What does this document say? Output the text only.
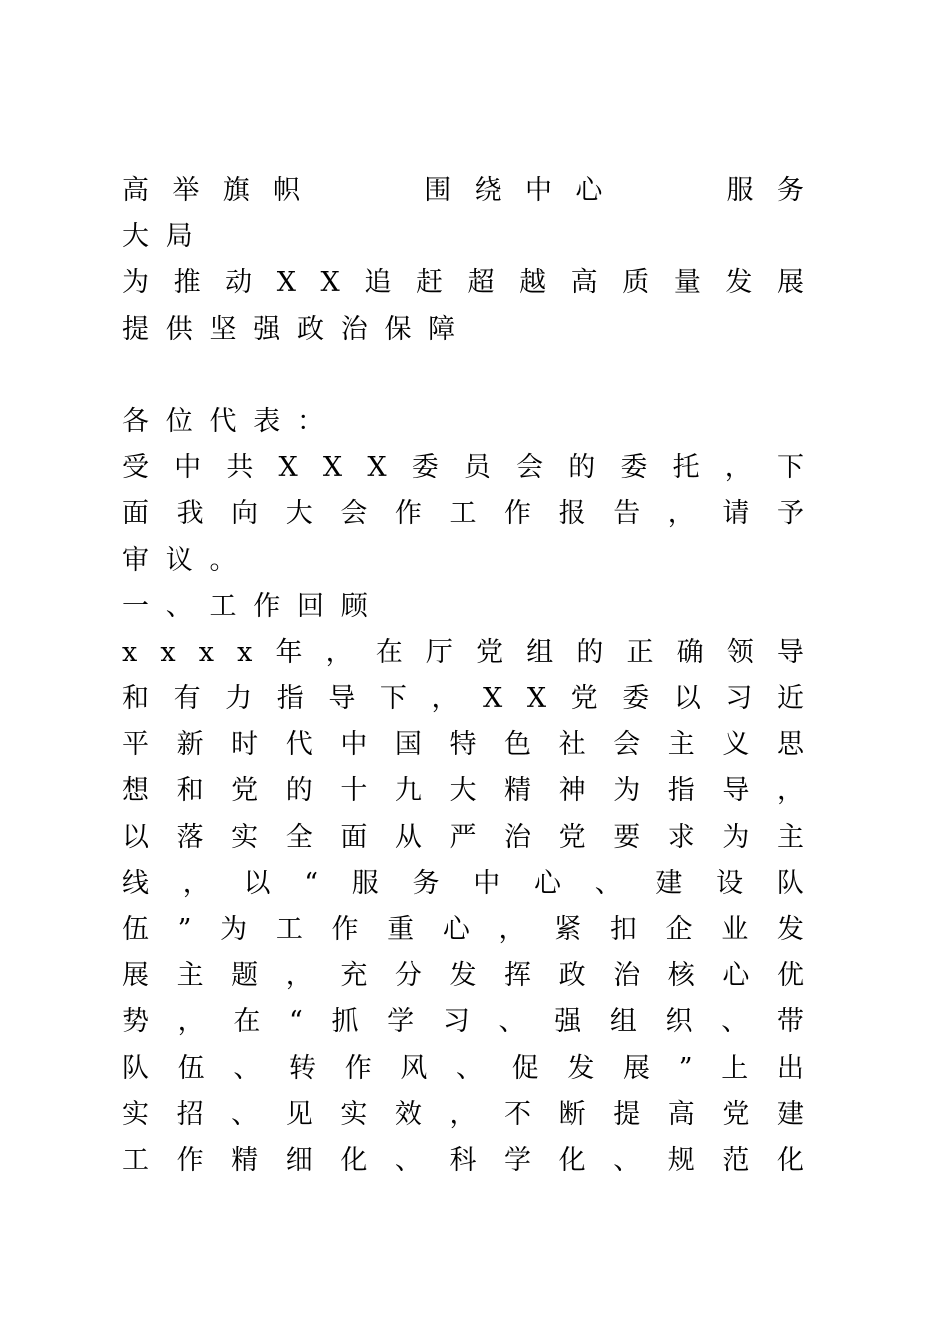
高 举 旗 帜

　	围 绕 中 心

　	服 务
大局
为 推 动 X X 追 赶 超 越 高 质 量 发 展
提供坚强政治保障
各位代表：
受 中 共 X X X 委 员 会 的 委 托 ， 下
面 我 向 大 会 作 工 作 报 告 ， 请 予
审议。
一、工作回顾
x x x x 年 ， 在 厅 党 组 的 正 确 领 导
和 有 力 指 导 下 ， X X 党 委 以 习 近
平 新 时 代 中 国 特 色 社 会 主 义 思
想 和 党 的 十 九 大 精 神 为 指 导 ，
以 落 实 全 面 从 严 治 党 要 求 为 主
线 ， 以 “ 服 务 中 心 、 建 设 队
伍 ” 为 工 作 重 心 ， 紧 扣 企 业 发
展 主 题 ， 充 分 发 挥 政 治 核 心 优
势 ， 在 “ 抓 学 习 、 强 组 织 、 带
队 伍 、 转 作 风 、 促 发 展 ” 上 出
实 招 、 见 实 效 ， 不 断 提 高 党 建
工 作 精 细 化 、 科 学 化 、 规 范 化
